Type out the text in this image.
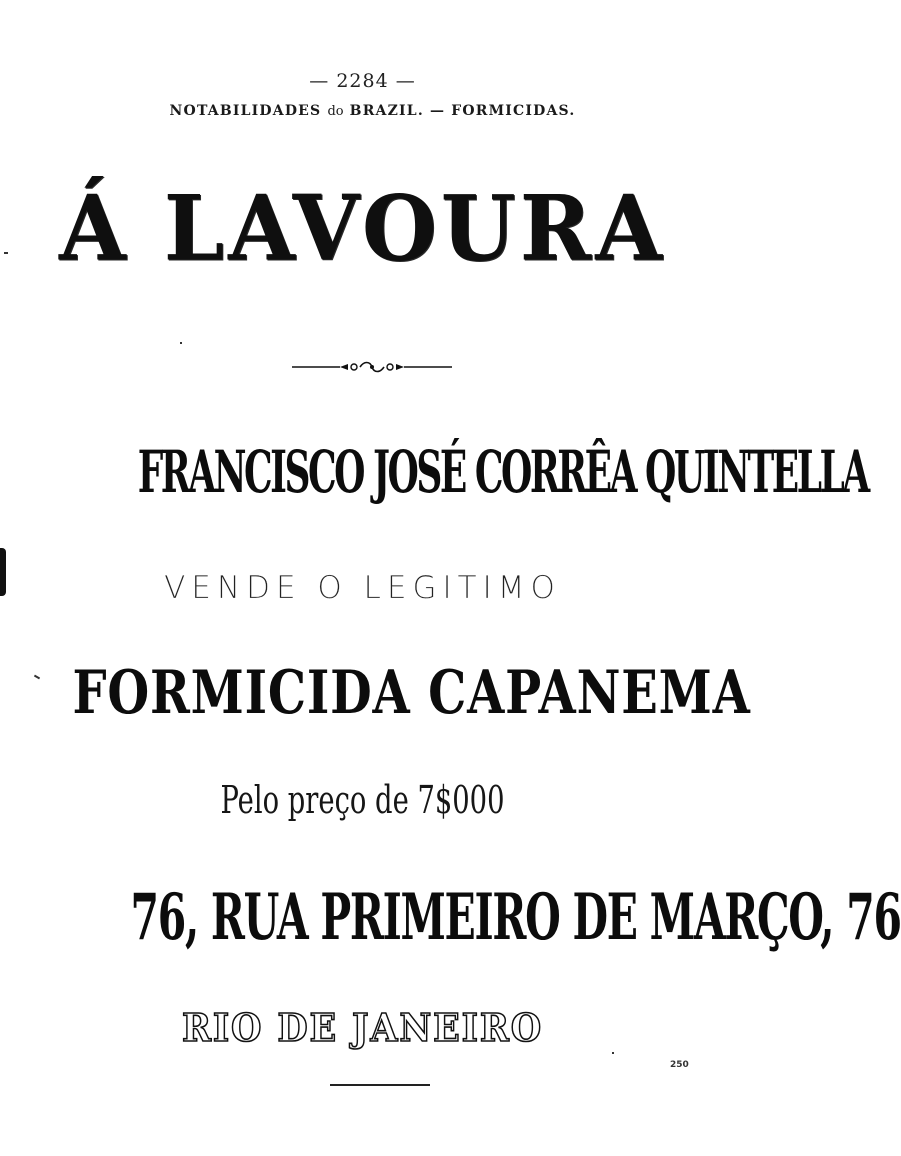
— 2284 —
NOTABILIDADES do BRAZIL. — FORMICIDAS.
Á LAVOURA
FRANCISCO JOSÉ CORRÊA QUINTELLA
VENDE O LEGITIMO
FORMICIDA CAPANEMA
Pelo preço de 7$000
76, RUA PRIMEIRO DE MARÇO, 76
RIO DE JANEIRO
250
